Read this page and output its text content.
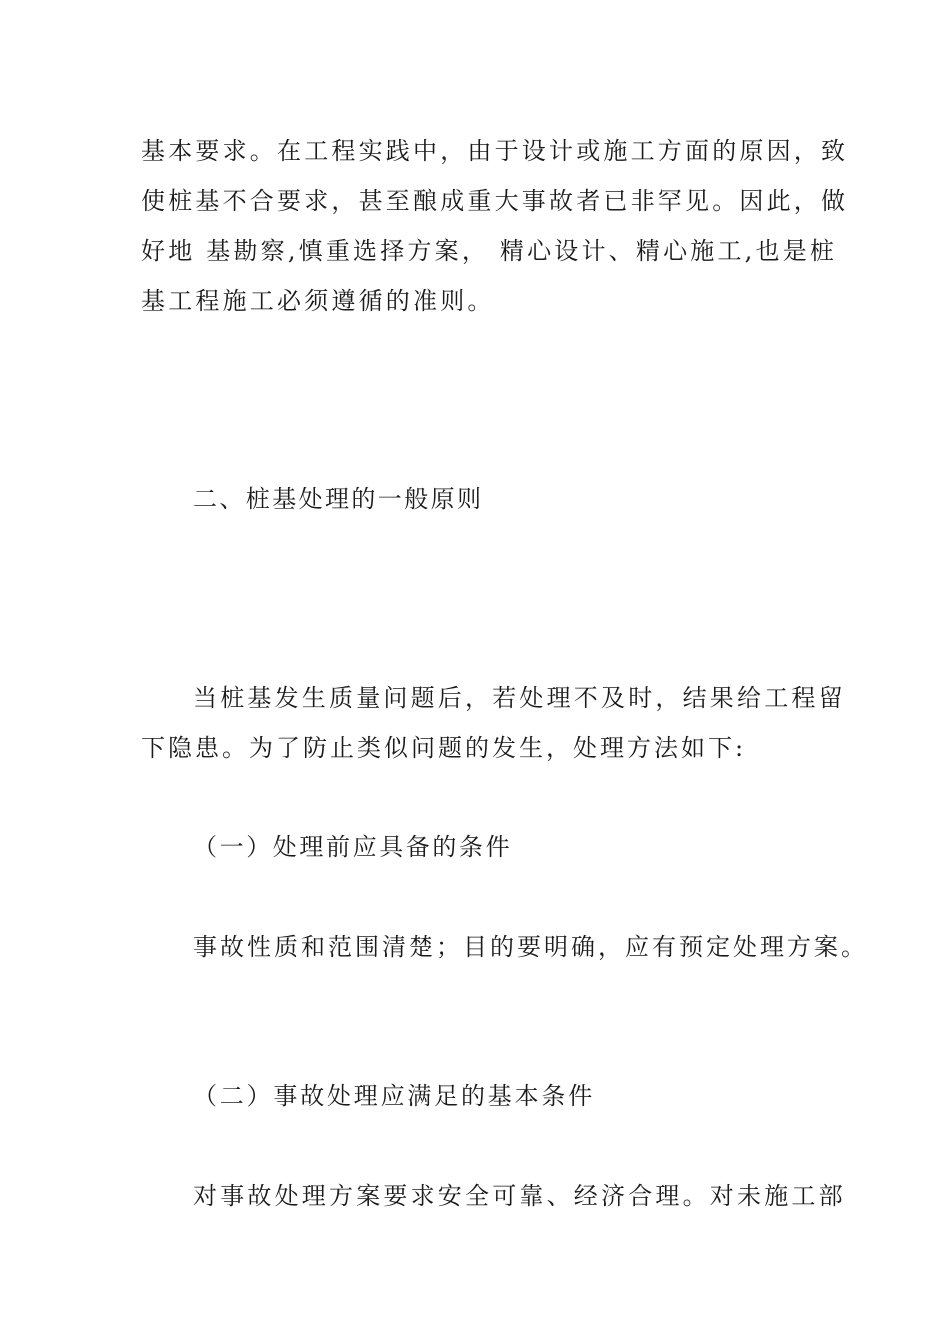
基本要求。在工程实践中，由于设计或施工方面的原因，致
使桩基不合要求，甚至酿成重大事故者已非罕见。因此，做
好地 基勘察,慎重选择方案， 精心设计、精心施工,也是桩
基工程施工必须遵循的准则。
二、桩基处理的一般原则
当桩基发生质量问题后，若处理不及时，结果给工程留
下隐患。为了防止类似问题的发生，处理方法如下:
（一）处理前应具备的条件
事故性质和范围清楚；目的要明确，应有预定处理方案。
（二）事故处理应满足的基本条件
对事故处理方案要求安全可靠、经济合理。对未施工部
